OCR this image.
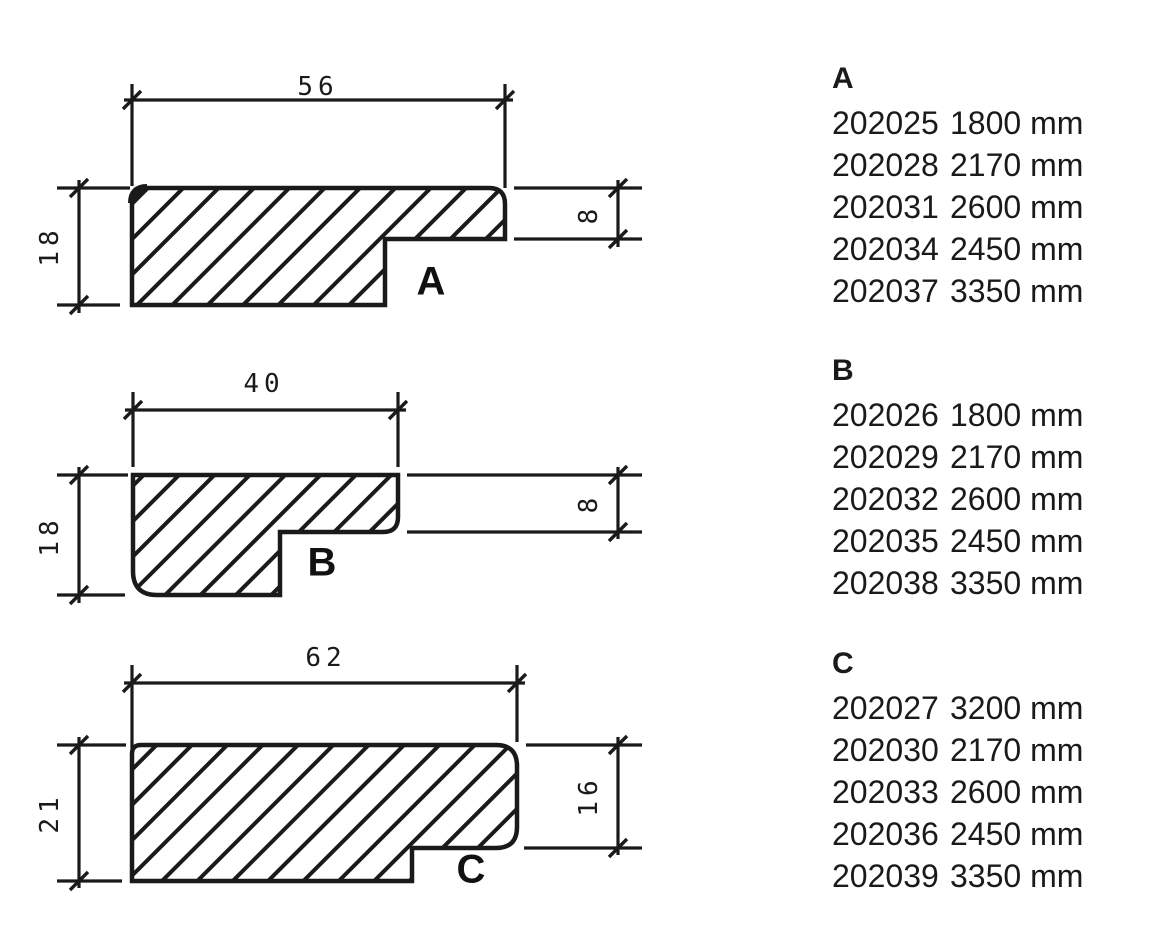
56
18
8
A
40
18
8
B
62
21	16
C
A
202025 1800 mm
202028 2170 mm
202031 2600 mm
202034 2450 mm
202037 3350 mm
B
202026 1800 mm
202029 2170 mm
202032 2600 mm
202035 2450 mm
202038 3350 mm
C
202027 3200 mm
202030 2170 mm
202033 2600 mm
202036 2450 mm
202039 3350 mm
